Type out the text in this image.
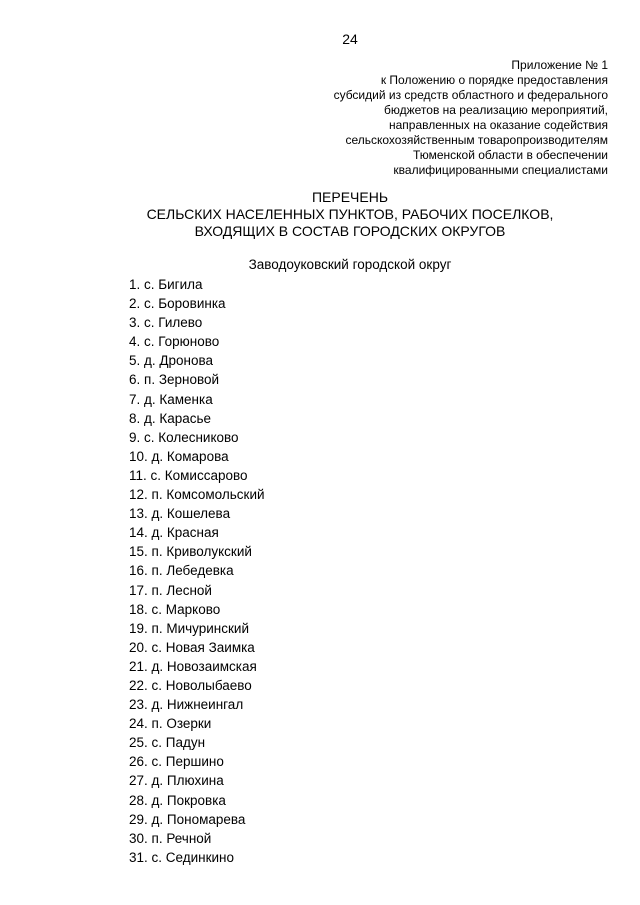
24
Приложение № 1
к Положению о порядке предоставления
субсидий из средств областного и федерального
бюджетов на реализацию мероприятий,
направленных на оказание содействия
сельскохозяйственным товаропроизводителям
Тюменской области в обеспечении
квалифицированными специалистами
ПЕРЕЧЕНЬ
СЕЛЬСКИХ НАСЕЛЕННЫХ ПУНКТОВ, РАБОЧИХ ПОСЕЛКОВ,
ВХОДЯЩИХ В СОСТАВ ГОРОДСКИХ ОКРУГОВ
Заводоуковский городской округ
1. с. Бигила
2. с. Боровинка
3. с. Гилево
4. с. Горюново
5. д. Дронова
6. п. Зерновой
7. д. Каменка
8. д. Карасье
9. с. Колесниково
10. д. Комарова
11. с. Комиссарово
12. п. Комсомольский
13. д. Кошелева
14. д. Красная
15. п. Криволукский
16. п. Лебедевка
17. п. Лесной
18. с. Марково
19. п. Мичуринский
20. с. Новая Заимка
21. д. Новозаимская
22. с. Новолыбаево
23. д. Нижнеингал
24. п. Озерки
25. с. Падун
26. с. Першино
27. д. Плюхина
28. д. Покровка
29. д. Пономарева
30. п. Речной
31. с. Сединкино
